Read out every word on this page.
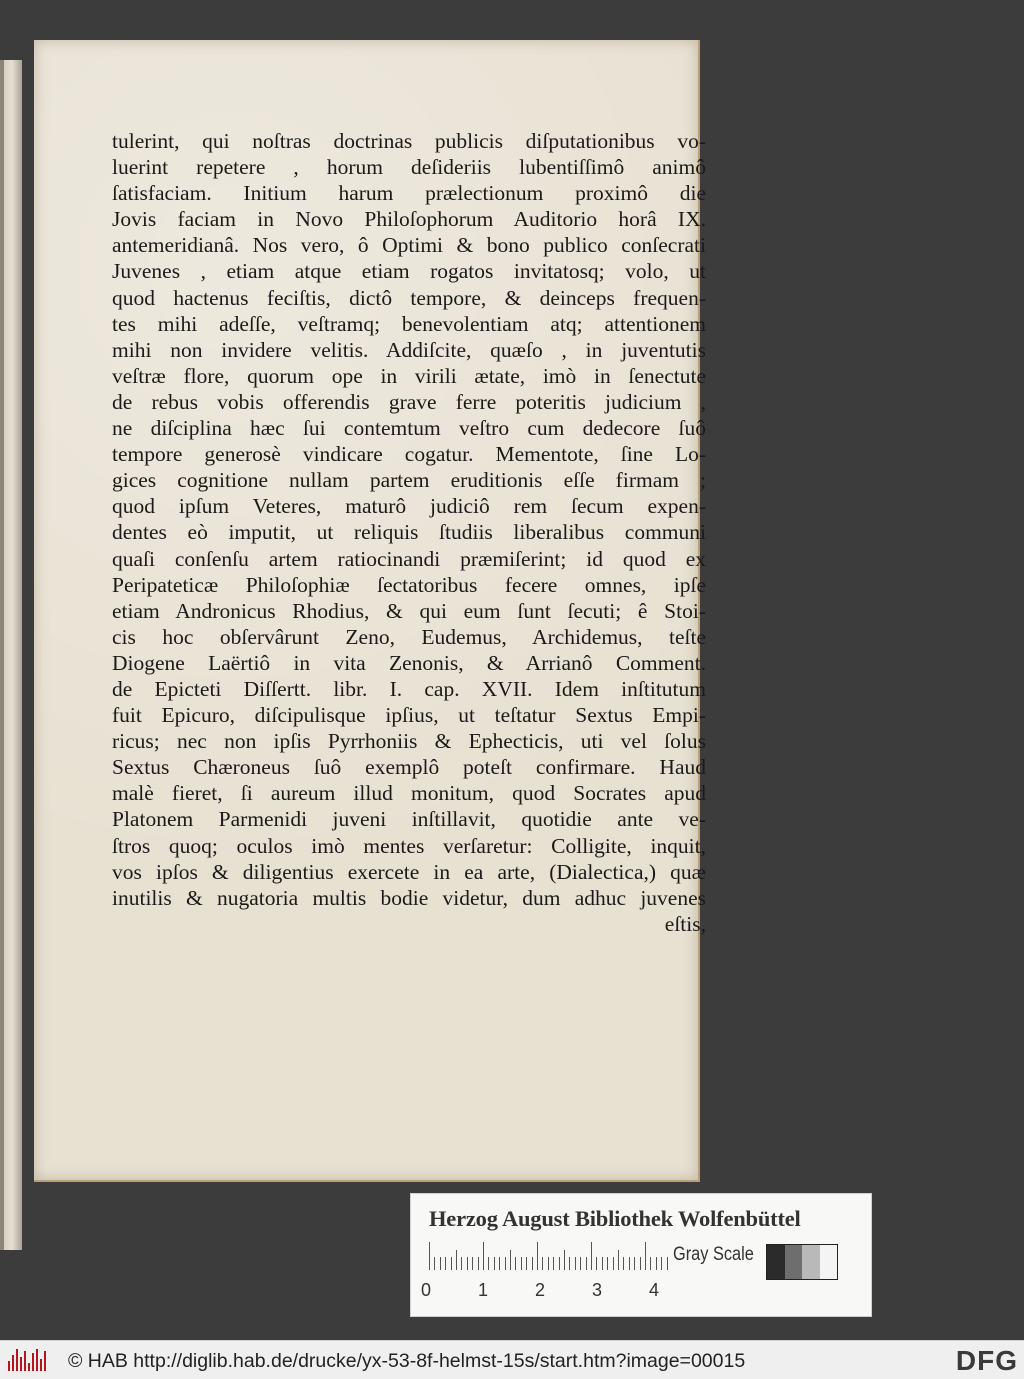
tulerint, qui noſtras doctrinas publicis diſputationibus vo-
luerint repetere , horum deſideriis lubentiſſimô animô
ſatisfaciam. Initium harum prælectionum proximô die
Jovis faciam in Novo Philoſophorum Auditorio horâ IX.
antemeridianâ. Nos vero, ô Optimi & bono publico conſecrati
Juvenes , etiam atque etiam rogatos invitatosq; volo, ut
quod hactenus feciſtis, dictô tempore, & deinceps frequen-
tes mihi adeſſe, veſtramq; benevolentiam atq; attentionem
mihi non invidere velitis. Addiſcite, quæſo , in juventutis
veſtræ flore, quorum ope in virili ætate, imò in ſenectute
de rebus vobis offerendis grave ferre poteritis judicium ,
ne diſciplina hæc ſui contemtum veſtro cum dedecore ſuô
tempore generosè vindicare cogatur. Mementote, ſine Lo-
gices cognitione nullam partem eruditionis eſſe firmam ;
quod ipſum Veteres, maturô judiciô rem ſecum expen-
dentes eò imputit, ut reliquis ſtudiis liberalibus communi
quaſi conſenſu artem ratiocinandi præmiſerint; id quod ex
Peripateticæ Philoſophiæ ſectatoribus fecere omnes, ipſe
etiam Andronicus Rhodius, & qui eum ſunt ſecuti; ê Stoi-
cis hoc obſervârunt Zeno, Eudemus, Archidemus, teſte
Diogene Laërtiô in vita Zenonis, & Arrianô Comment.
de Epicteti Diſſertt. libr. I. cap. XVII. Idem inſtitutum
fuit Epicuro, diſcipulisque ipſius, ut teſtatur Sextus Empi-
ricus; nec non ipſis Pyrrhoniis & Ephecticis, uti vel ſolus
Sextus Chæroneus ſuô exemplô poteſt confirmare. Haud
malè fieret, ſi aureum illud monitum, quod Socrates apud
Platonem Parmenidi juveni inſtillavit, quotidie ante ve-
ſtros quoq; oculos imò mentes verſaretur: Colligite, inquit,
vos ipſos & diligentius exercete in ea arte, (Dialectica,) quæ
inutilis & nugatoria multis bodie videtur, dum adhuc juvenes
eſtis,
Herzog August Bibliothek Wolfenbüttel
0	1	2	3	4
Gray Scale
© HAB http://diglib.hab.de/drucke/yx-53-8f-helmst-15s/start.htm?image=00015	DFG
